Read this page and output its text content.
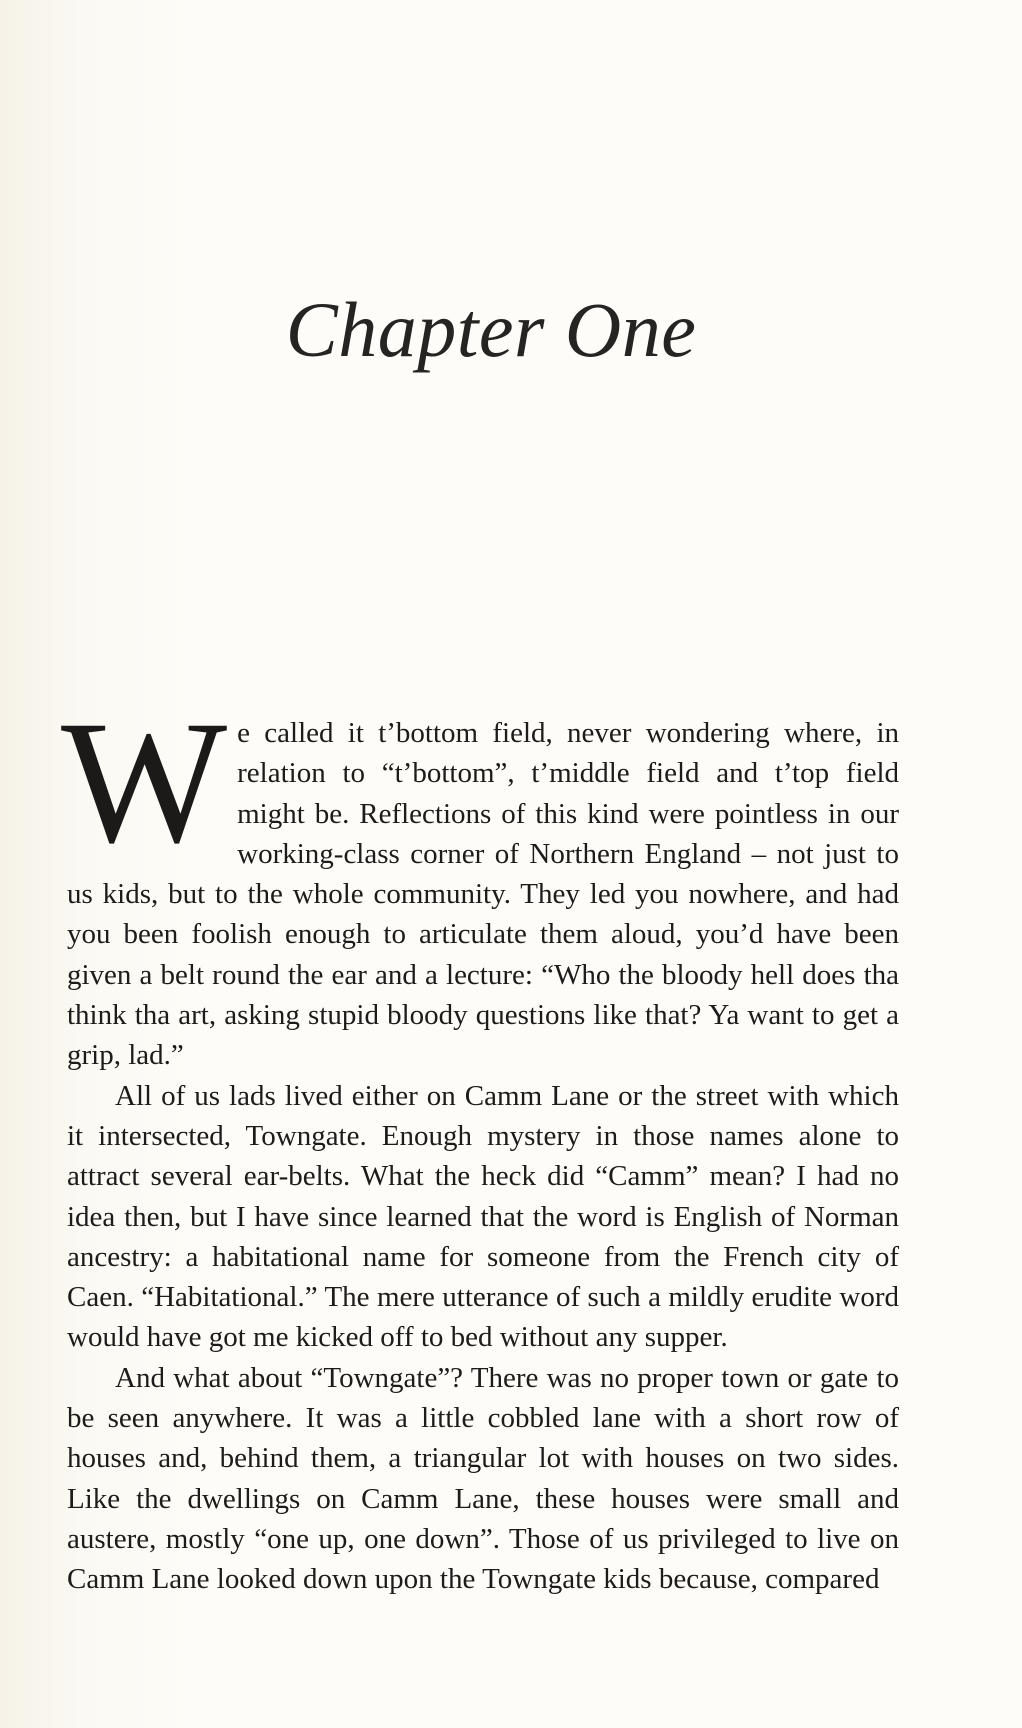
Chapter One

We called it t’bottom field, never wondering where, in relation to “t’bottom”, t’middle field and t’top field might be. Reflections of this kind were pointless in our working-class corner of Northern England – not just to us kids, but to the whole community. They led you nowhere, and had you been foolish enough to articulate them aloud, you’d have been given a belt round the ear and a lecture: “Who the bloody hell does tha think tha art, asking stupid bloody questions like that? Ya want to get a grip, lad.”

All of us lads lived either on Camm Lane or the street with which it intersected, Towngate. Enough mystery in those names alone to attract several ear-belts. What the heck did “Camm” mean? I had no idea then, but I have since learned that the word is English of Norman ancestry: a habitational name for someone from the French city of Caen. “Habitational.” The mere utterance of such a mildly erudite word would have got me kicked off to bed without any supper.

And what about “Towngate”? There was no proper town or gate to be seen anywhere. It was a little cobbled lane with a short row of houses and, behind them, a triangular lot with houses on two sides. Like the dwellings on Camm Lane, these houses were small and austere, mostly “one up, one down”. Those of us privileged to live on Camm Lane looked down upon the Towngate kids because, compared
